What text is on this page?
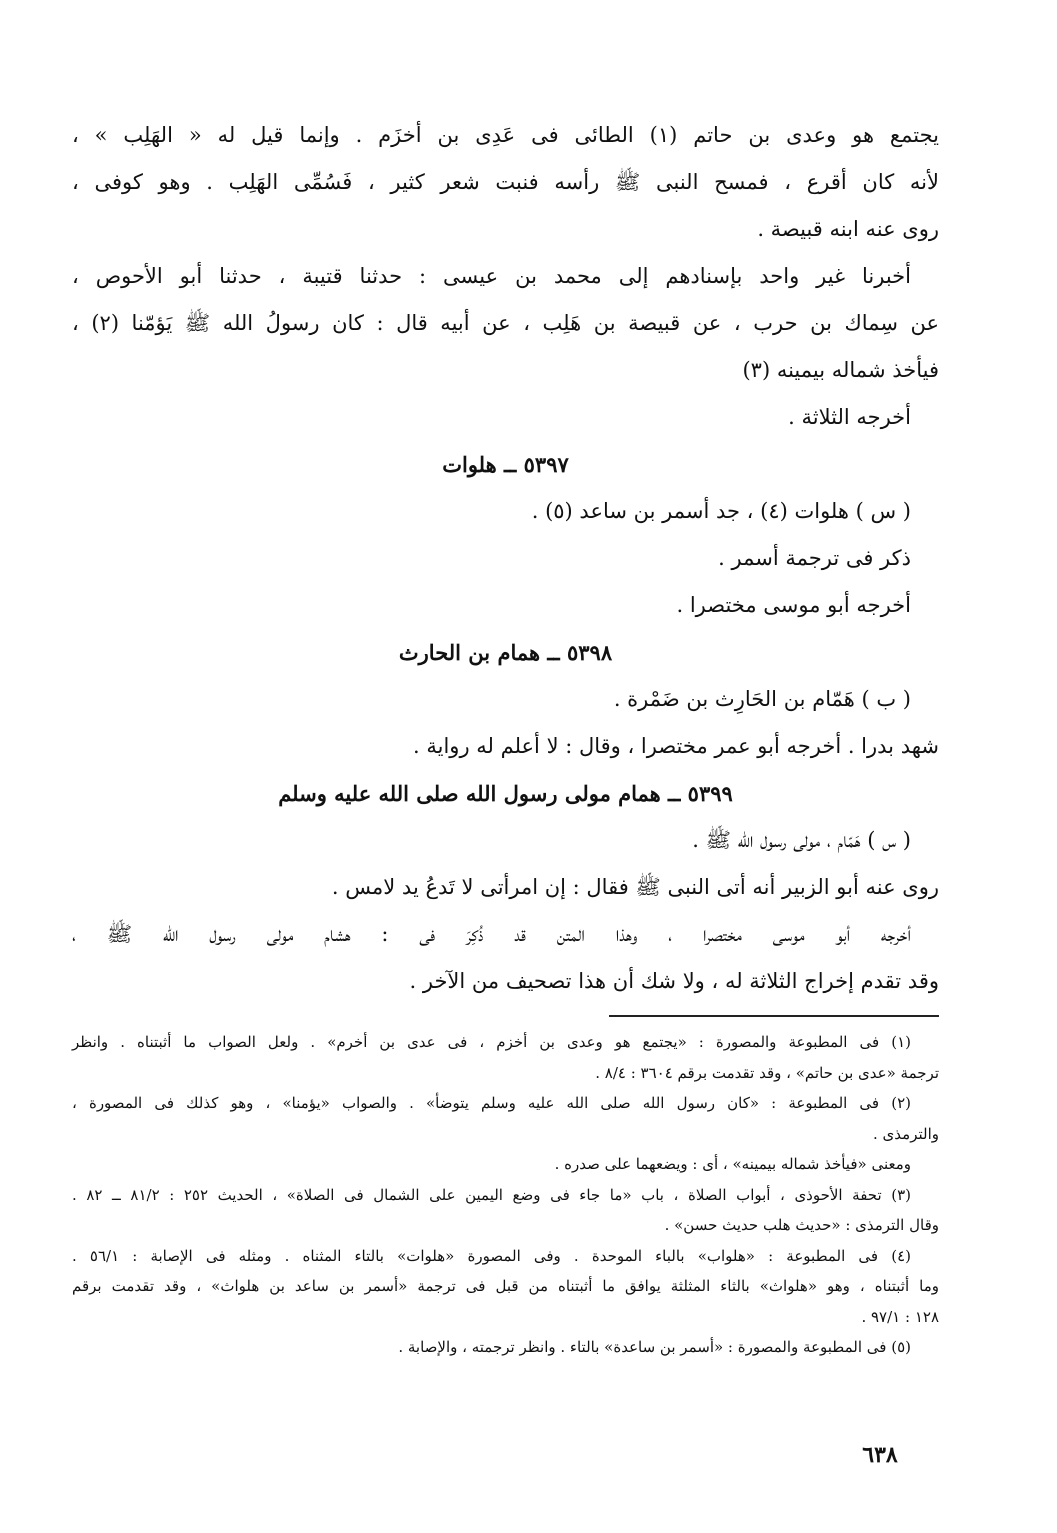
يجتمع هو وعدى بن حاتم (١) الطائى فى عَدِى بن أخزَم . وإنما قيل له « الهَلِب » ،

لأنه كان أقرع ، فمسح النبى ﷺ رأسه فنبت شعر كثير ، فَسُمِّى الهَلِب . وهو كوفى ،

روى عنه ابنه قبيصة .

أخبرنا غير واحد بإسنادهم إلى محمد بن عيسى : حدثنا قتيبة ، حدثنا أبو الأحوص ،

عن سِماك بن حرب ، عن قبيصة بن هَلِب ، عن أبيه قال : كان رسولُ الله ﷺ يَؤمّنا (٢) ،

فيأخذ شماله بيمينه (٣)

أخرجه الثلاثة .

٥٣٩٧ ــ هلوات

( س ) هلوات (٤) ، جد أسمر بن ساعد (٥) .

ذكر فى ترجمة أسمر .

أخرجه أبو موسى مختصرا .

٥٣٩٨ ــ همام بن الحارث

( ب ) هَمّام بن الحَارِث بن ضَمْرة .

شهد بدرا . أخرجه أبو عمر مختصرا ، وقال : لا أعلم له رواية .

٥٣٩٩ ــ همام مولى رسول الله صلى الله عليه وسلم

( س ) هَمّام ، مولى رسول الله ﷺ .

روى عنه أبو الزبير أنه أتى النبى ﷺ فقال : إن امرأتى لا تَدعُ يد لامس .

أخرجه أبو موسى مختصرا ، وهذا المتن قد ذُكِرَ فى : هشام مولى رسول الله ﷺ ،

وقد تقدم إخراج الثلاثة له ، ولا شك أن هذا تصحيف من الآخر .

(١) فى المطبوعة والمصورة : «يجتمع هو وعدى بن أخزم ، فى عدى بن أخرم» . ولعل الصواب ما أثبتناه . وانظر

ترجمة «عدى بن حاتم» ، وقد تقدمت برقم ٣٦٠٤ : ٨/٤ .

(٢) فى المطبوعة : «كان رسول الله صلى الله عليه وسلم يتوضأ» . والصواب «يؤمنا» ، وهو كذلك فى المصورة ،

والترمذى .

ومعنى «فيأخذ شماله بيمينه» ، أى : ويضعهما على صدره .

(٣) تحفة الأحوذى ، أبواب الصلاة ، باب «ما جاء فى وضع اليمين على الشمال فى الصلاة» ، الحديث ٢٥٢ : ٨١/٢ ــ ٨٢ .

وقال الترمذى : «حديث هلب حديث حسن» .

(٤) فى المطبوعة : «هلواب» بالباء الموحدة . وفى المصورة «هلوات» بالتاء المثناه . ومثله فى الإصابة : ٥٦/١ .

وما أثبتناه ، وهو «هلواث» بالثاء المثلثة يوافق ما أثبتناه من قبل فى ترجمة «أسمر بن ساعد بن هلواث» ، وقد تقدمت برقم

١٢٨ : ٩٧/١ .

(٥) فى المطبوعة والمصورة : «أسمر بن ساعدة» بالتاء . وانظر ترجمته ، والإصابة .

٦٣٨
